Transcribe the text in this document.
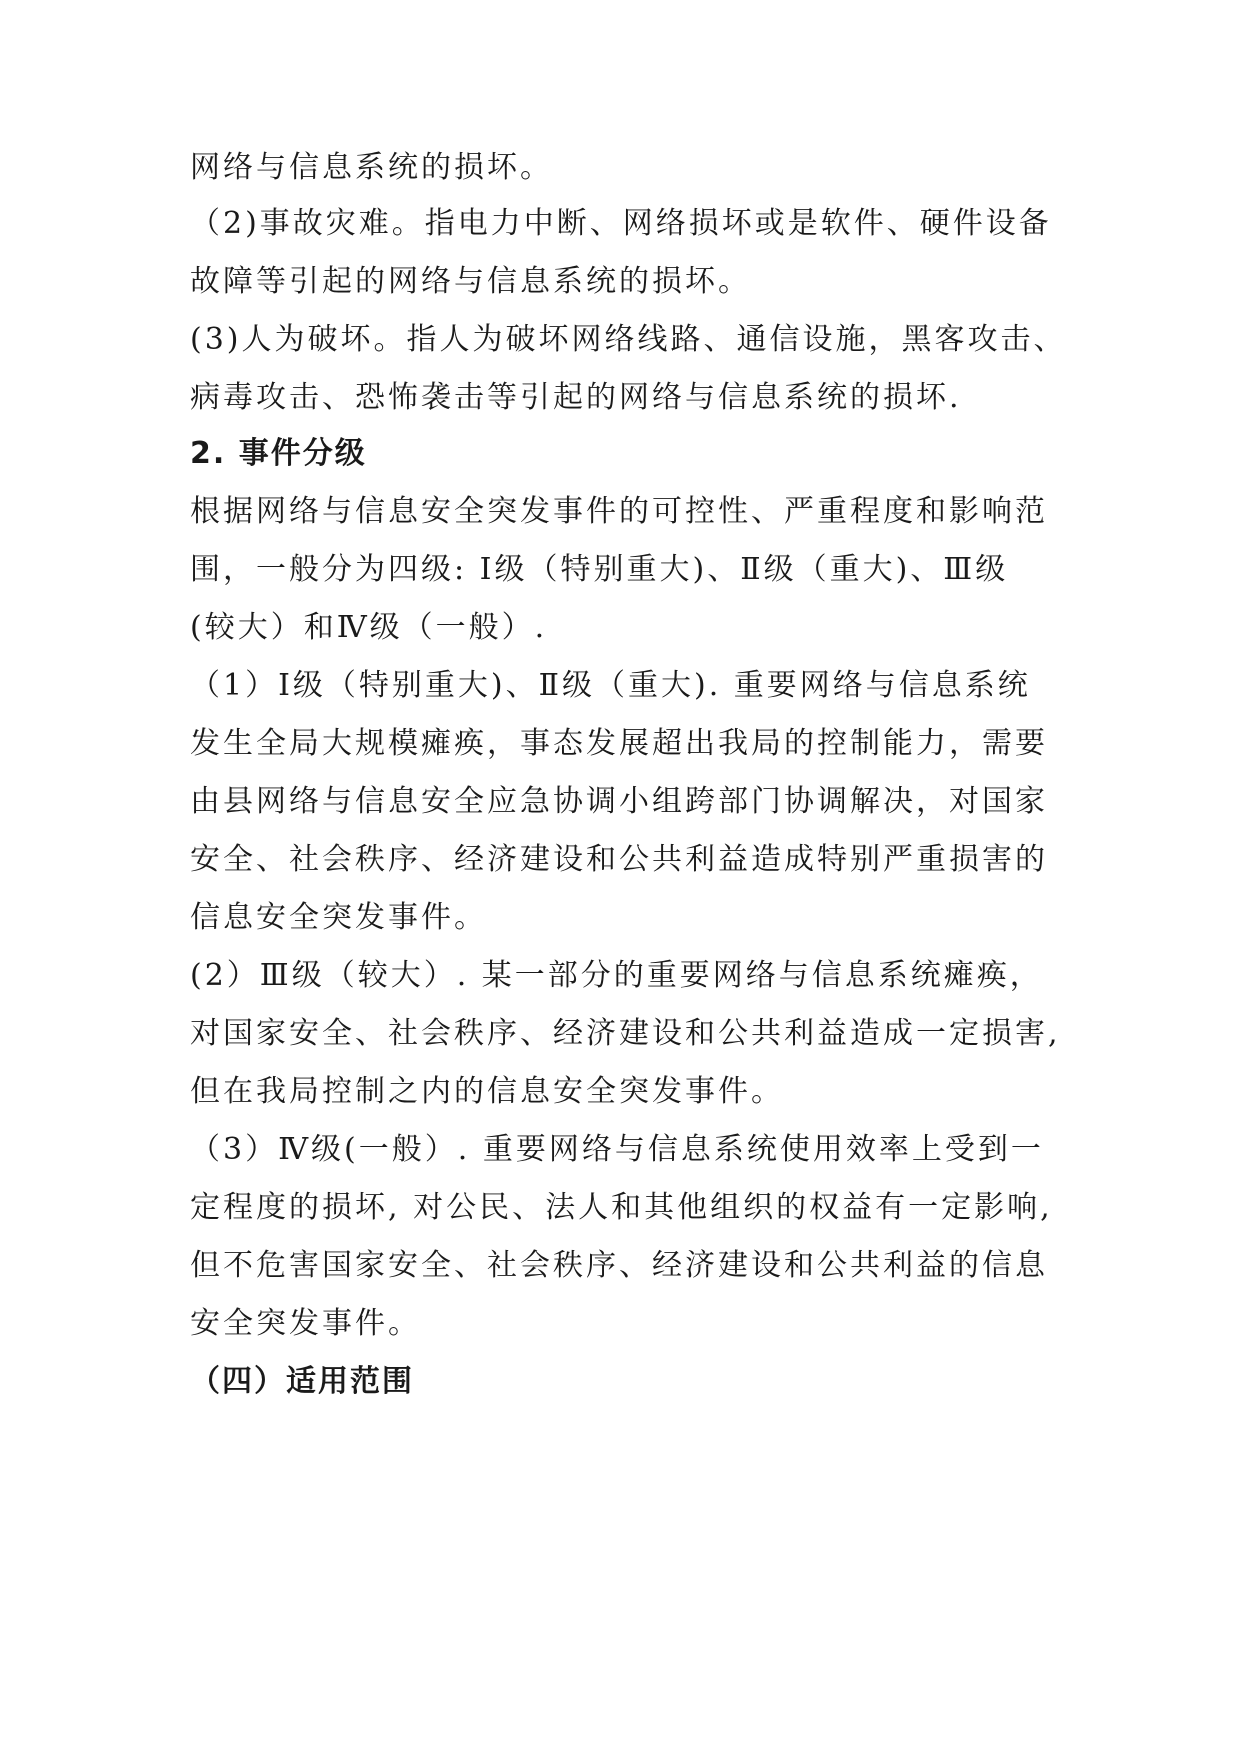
网络与信息系统的损坏。
（2)事故灾难。指电力中断、网络损坏或是软件、硬件设备
故障等引起的网络与信息系统的损坏。
(3)人为破坏。指人为破坏网络线路、通信设施，黑客攻击、
病毒攻击、恐怖袭击等引起的网络与信息系统的损坏.
2. 事件分级
根据网络与信息安全突发事件的可控性、严重程度和影响范
围，一般分为四级: Ⅰ级（特别重大)、Ⅱ级（重大)、Ⅲ级
(较大）和Ⅳ级（一般）.
（1）Ⅰ级（特别重大)、Ⅱ级（重大). 重要网络与信息系统
发生全局大规模瘫痪，事态发展超出我局的控制能力，需要
由县网络与信息安全应急协调小组跨部门协调解决，对国家
安全、社会秩序、经济建设和公共利益造成特别严重损害的
信息安全突发事件。
(2）Ⅲ级（较大）. 某一部分的重要网络与信息系统瘫痪，
对国家安全、社会秩序、经济建设和公共利益造成一定损害,
但在我局控制之内的信息安全突发事件。
（3）Ⅳ级(一般）. 重要网络与信息系统使用效率上受到一
定程度的损坏, 对公民、法人和其他组织的权益有一定影响,
但不危害国家安全、社会秩序、经济建设和公共利益的信息
安全突发事件。
（四）适用范围
